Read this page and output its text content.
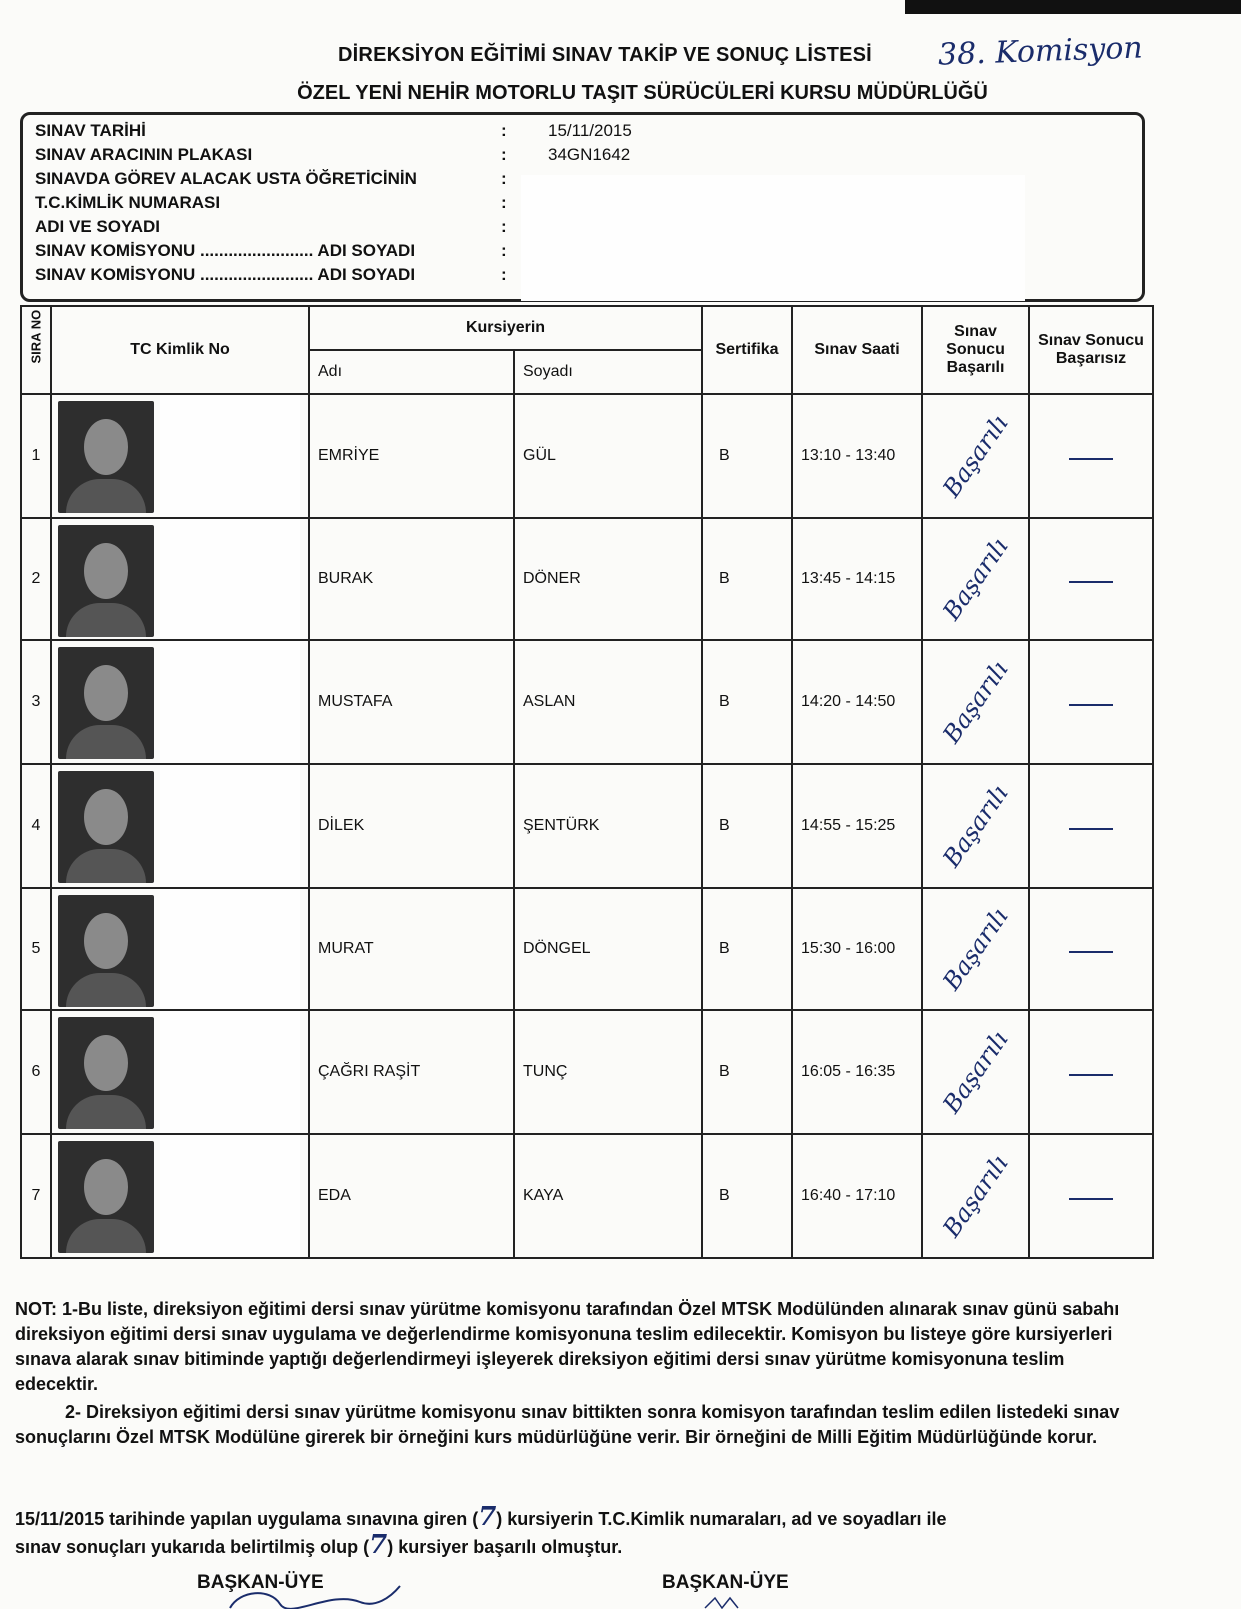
DİREKSİYON EĞİTİMİ SINAV TAKİP VE SONUÇ LİSTESİ	38. Komisyon
ÖZEL YENİ NEHİR MOTORLU TAŞIT SÜRÜCÜLERİ KURSU MÜDÜRLÜĞÜ
SINAV TARİHİ	: 15/11/2015
SINAV ARACININ PLAKASI	: 34GN1642
SINAVDA GÖREV ALACAK USTA ÖĞRETİCİNİN	:
T.C.KİMLİK NUMARASI	:
ADI VE SOYADI	:
SINAV KOMİSYONU ........................ ADI SOYADI	:
SINAV KOMİSYONU ........................ ADI SOYADI	:
SIRA NO	TC Kimlik No	Kursiyerin		Sertifika	Sınav Saati	Sınav Sonucu Başarılı	Sınav Sonucu Başarısız
		Adı	Soyadı				
1		EMRİYE	GÜL	B	13:10 - 13:40	Başarılı	
2		BURAK	DÖNER	B	13:45 - 14:15	Başarılı	
3		MUSTAFA	ASLAN	B	14:20 - 14:50	Başarılı	
4		DİLEK	ŞENTÜRK	B	14:55 - 15:25	Başarılı	
5		MURAT	DÖNGEL	B	15:30 - 16:00	Başarılı	
6		ÇAĞRI RAŞİT	TUNÇ	B	16:05 - 16:35	Başarılı	
7		EDA	KAYA	B	16:40 - 17:10	Başarılı	
NOT: 1-Bu liste, direksiyon eğitimi dersi sınav yürütme komisyonu tarafından Özel MTSK Modülünden alınarak sınav günü sabahı direksiyon eğitimi dersi sınav uygulama ve değerlendirme komisyonuna teslim edilecektir. Komisyon bu listeye göre kursiyerleri sınava alarak sınav bitiminde yaptığı değerlendirmeyi işleyerek direksiyon eğitimi dersi sınav yürütme komisyonuna teslim edecektir.
2- Direksiyon eğitimi dersi sınav yürütme komisyonu sınav bittikten sonra komisyon tarafından teslim edilen listedeki sınav sonuçlarını Özel MTSK Modülüne girerek bir örneğini kurs müdürlüğüne verir. Bir örneğini de Milli Eğitim Müdürlüğünde korur.
15/11/2015 tarihinde yapılan uygulama sınavına giren (7) kursiyerin T.C.Kimlik numaraları, ad ve soyadları ile
sınav sonuçları yukarıda belirtilmiş olup (7) kursiyer başarılı olmuştur.
BAŞKAN-ÜYE	BAŞKAN-ÜYE
